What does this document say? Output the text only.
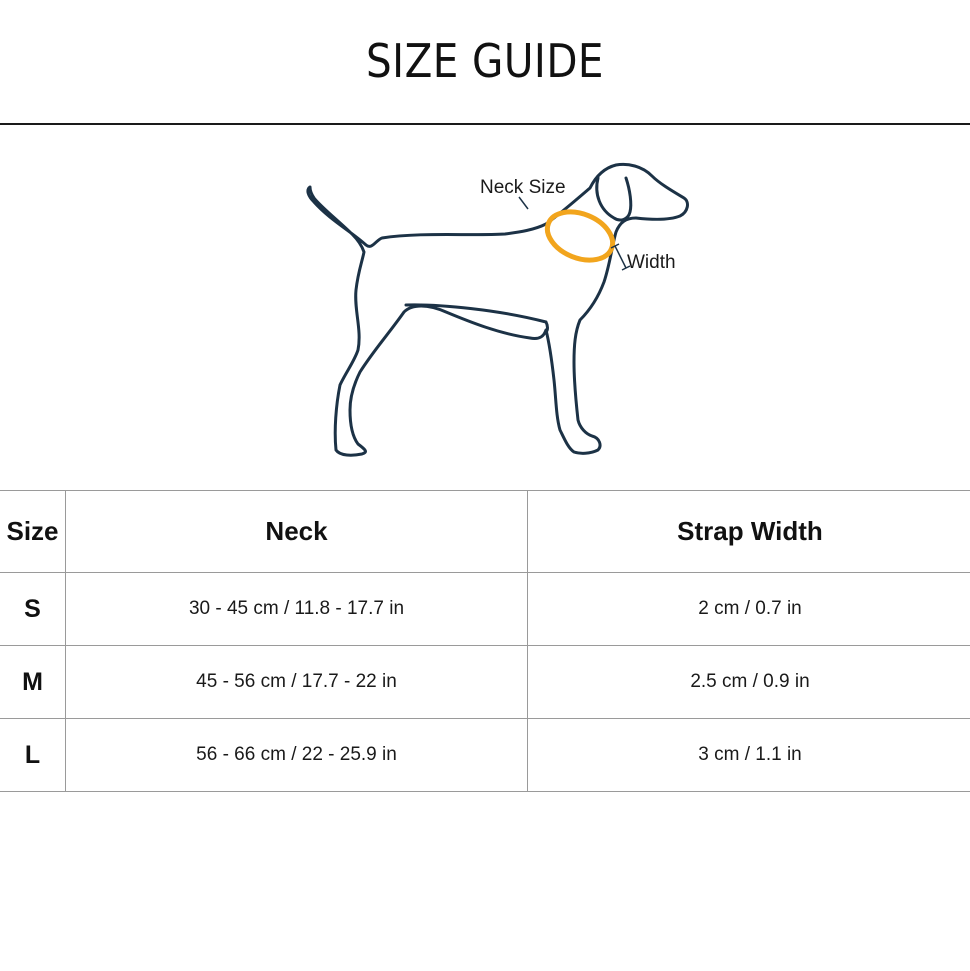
SIZE GUIDE
Neck Size
Width
Size	Neck	Strap Width
S	30 - 45 cm / 11.8 - 17.7 in	2 cm / 0.7 in
M	45 - 56 cm / 17.7 - 22 in	2.5 cm / 0.9 in
L	56 - 66 cm / 22 - 25.9 in	3 cm / 1.1 in
